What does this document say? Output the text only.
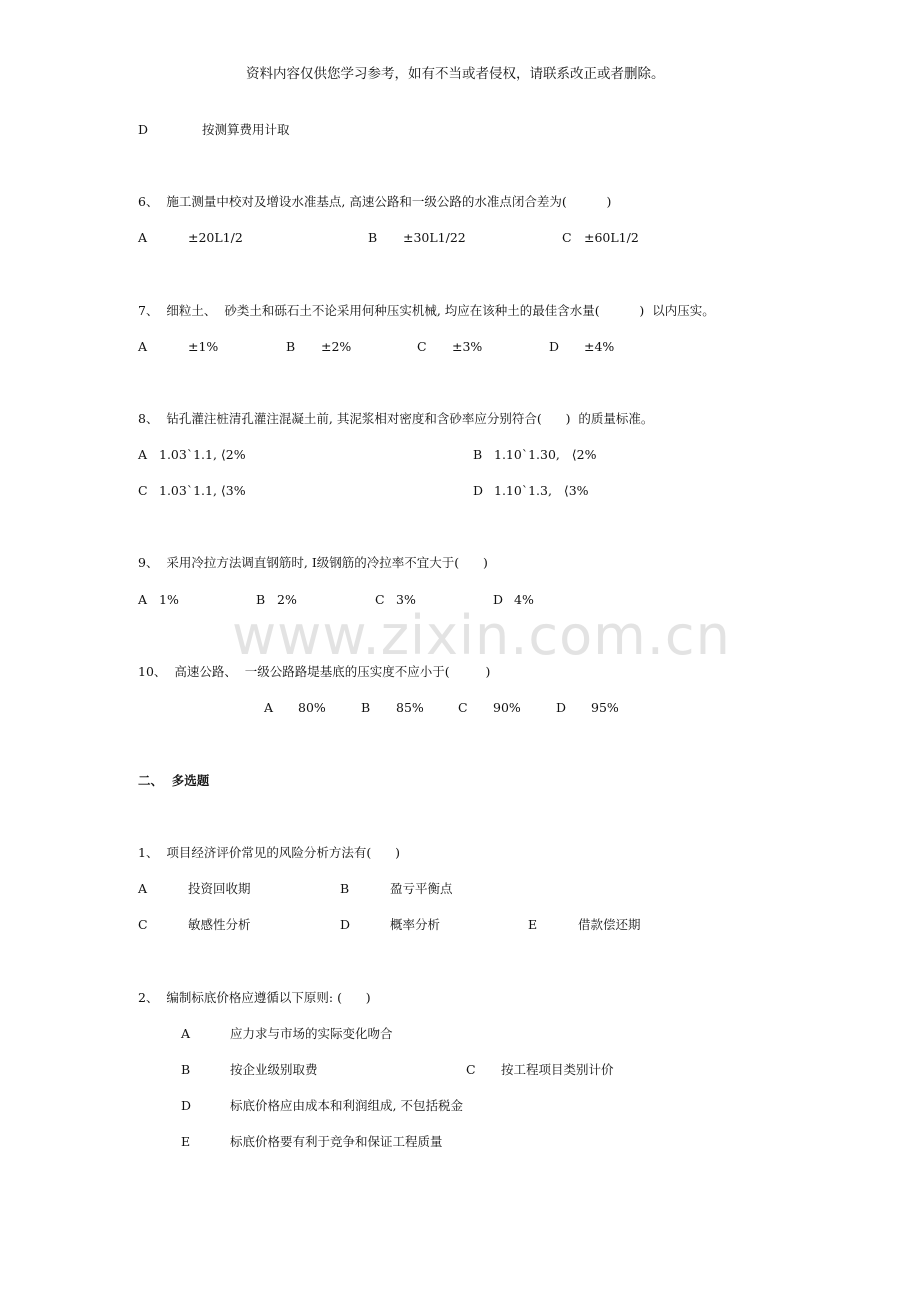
资料内容仅供您学习参考，如有不当或者侵权，请联系改正或者删除。
www.zixin.com.cn
D	按测算费用计取
6、  施工测量中校对及增设水准基点, 高速公路和一级公路的水准点闭合差为(          )
A	±20L1/2	B ±30L1/22	C ±60L1/2
7、  细粒土、  砂类土和砾石土不论采用何种压实机械, 均应在该种土的最佳含水量(          )  以内压实。
A	±1%	B ±2%	C ±3%	D ±4%
8、  钻孔灌注桩清孔灌注混凝土前, 其泥浆相对密度和含砂率应分别符合(      )  的质量标准。
A 1.03`1.1, ⟨2%	B 1.10`1.30,   ⟨2%
C 1.03`1.1, ⟨3%	D 1.10`1.3,   ⟨3%
9、  采用冷拉方法调直钢筋时, Ⅰ级钢筋的冷拉率不宜大于(      )
A 1%	B 2%	C 3%	D 4%
10、  高速公路、  一级公路路堤基底的压实度不应小于(         )
A 80%	B 85%	C 90%	D 95%
二、  多选题
1、  项目经济评价常见的风险分析方法有(      )
A	投资回收期	B	盈亏平衡点
C	敏感性分析	D	概率分析	E	借款偿还期
2、  编制标底价格应遵循以下原则: (      )
A	应力求与市场的实际变化吻合
B	按企业级别取费	C 按工程项目类别计价
D	标底价格应由成本和利润组成, 不包括税金
E	标底价格要有利于竞争和保证工程质量
